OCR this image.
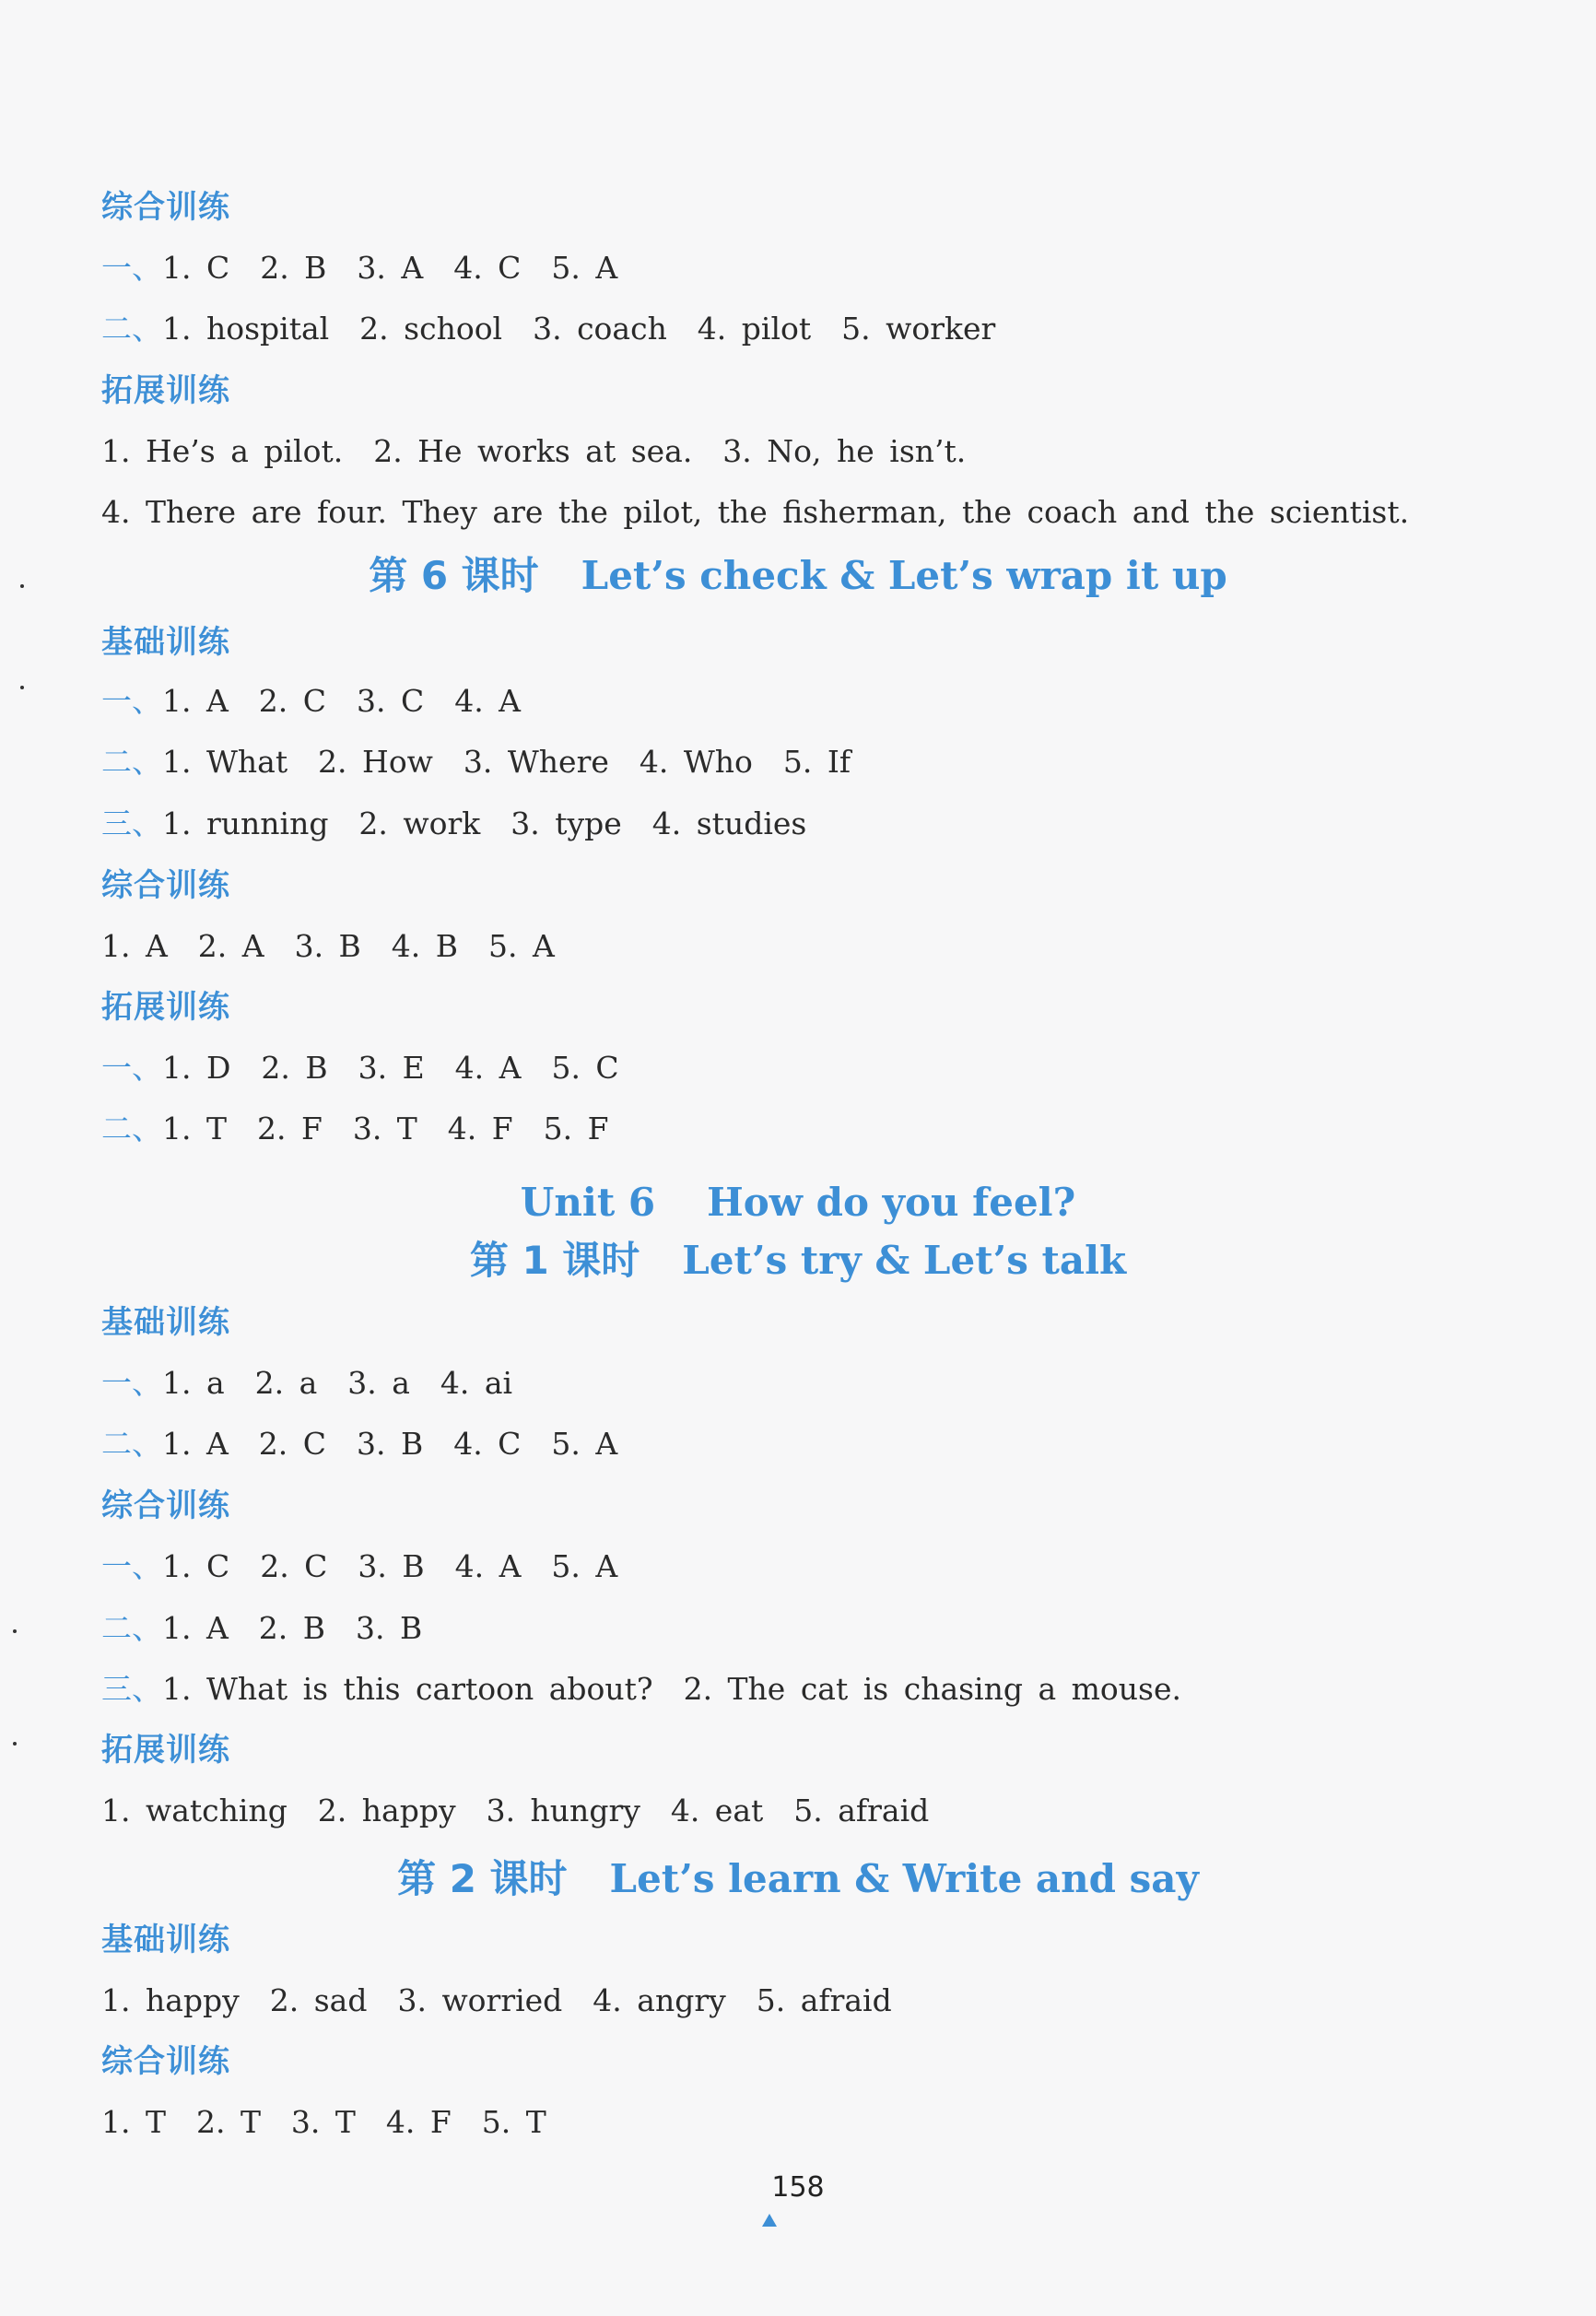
综合训练
一、1. C  2. B  3. A  4. C  5. A
二、1. hospital  2. school  3. coach  4. pilot  5. worker
拓展训练
1. He’s a pilot.  2. He works at sea.  3. No, he isn’t.
4. There are four. They are the pilot, the fisherman, the coach and the scientist.
第 6 课时 Let’s check & Let’s wrap it up
基础训练
一、1. A  2. C  3. C  4. A
二、1. What  2. How  3. Where  4. Who  5. If
三、1. running  2. work  3. type  4. studies
综合训练
1. A  2. A  3. B  4. B  5. A
拓展训练
一、1. D  2. B  3. E  4. A  5. C
二、1. T  2. F  3. T  4. F  5. F
Unit 6 How do you feel?
第 1 课时 Let’s try & Let’s talk
基础训练
一、1. a  2. a  3. a  4. ai
二、1. A  2. C  3. B  4. C  5. A
综合训练
一、1. C  2. C  3. B  4. A  5. A
二、1. A  2. B  3. B
三、1. What is this cartoon about?  2. The cat is chasing a mouse.
拓展训练
1. watching  2. happy  3. hungry  4. eat  5. afraid
第 2 课时 Let’s learn & Write and say
基础训练
1. happy  2. sad  3. worried  4. angry  5. afraid
综合训练
1. T  2. T  3. T  4. F  5. T
158
